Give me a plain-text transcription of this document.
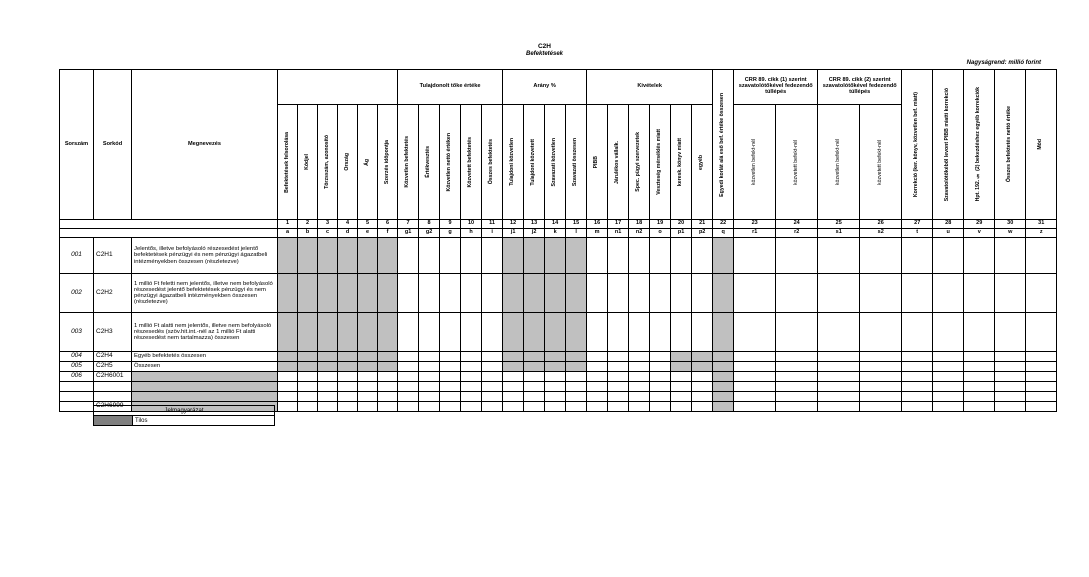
C2H
Befektetések
Nagyságrend: millió forint
Sorszám	Sorkód	Megnevezés							Tulajdonolt tőke értéke					Arány %				Kivételek						Egyedi korlát alá eső bef. értéke összesen	CRR 89. cikk (1) szerint szavatolótőkével fedezendő túllépés		CRR 89. cikk (2) szerint szavatolótőkével fedezendő túllépés		Korrekció (ker. könyv, közvetlen bef. miatt)	Szavatolótőkéből levont PIBB miatti korrekció	Hpt. 192. § (2) bekezdéshez egyéb korrekciók	Összes befektetés nettó értéke	Mód

			Befektetések felsorolása	Kódjel	Törzsszám, azonosító	Ország	Ág	Szerzés időpontja	Közvetlen befektetés	Értékvesztés	Közvetlen nettó értéken	Közvetett befektetés	Összes befektetés	Tulajdoni közvetlen	Tulajdoni közvetett	Szavazati közvetlen	Szavazati összesen	PIBB	Járulékos vállalk.	Spec. pügyi szervezetek	Veszteség mérséklés miatt	keresk. könyv miatt	egyéb		közvetlen befekt-nél	közvetett befekt-nél	közvetlen befekt-nél	közvetett befekt-nél					

			1	2	3	4	5	6	7	8	9	10	11	12	13	14	15	16	17	18	19	20	21	22	23	24	25	26	27	28	29	30	31
			a	b	c	d	e	f	g1	g2	g	h	i	j1	j2	k	l	m	n1	n2	o	p1	p2	q	r1	r2	s1	s2	t	u	v	w	z
001	C2H1	Jelentős, illetve befolyásoló részesedést jelentő befektetések pénzügyi és nem pénzügyi ágazatbeli intézményekben összesen (részletezve)																															
002	C2H2	1 millió Ft feletti nem jelentős, illetve nem befolyásoló részesedést jelentő befektetések pénzügyi és nem pénzügyi ágazatbeli intézményekben összesen (részletezve)																															
003	C2H3	1 millió Ft alatti nem jelentős, illetve nem befolyásoló részesedés (szöv.hit.int.-nél az 1 millió Ft alatti részesedést nem tartalmazza) összesen																															
004	C2H4	Egyéb befektetés összesen																															
005	C2H5	Összesen																															
006	C2H6001																																

	C2H6999																																
Jelmagyarázat
	Tilos
